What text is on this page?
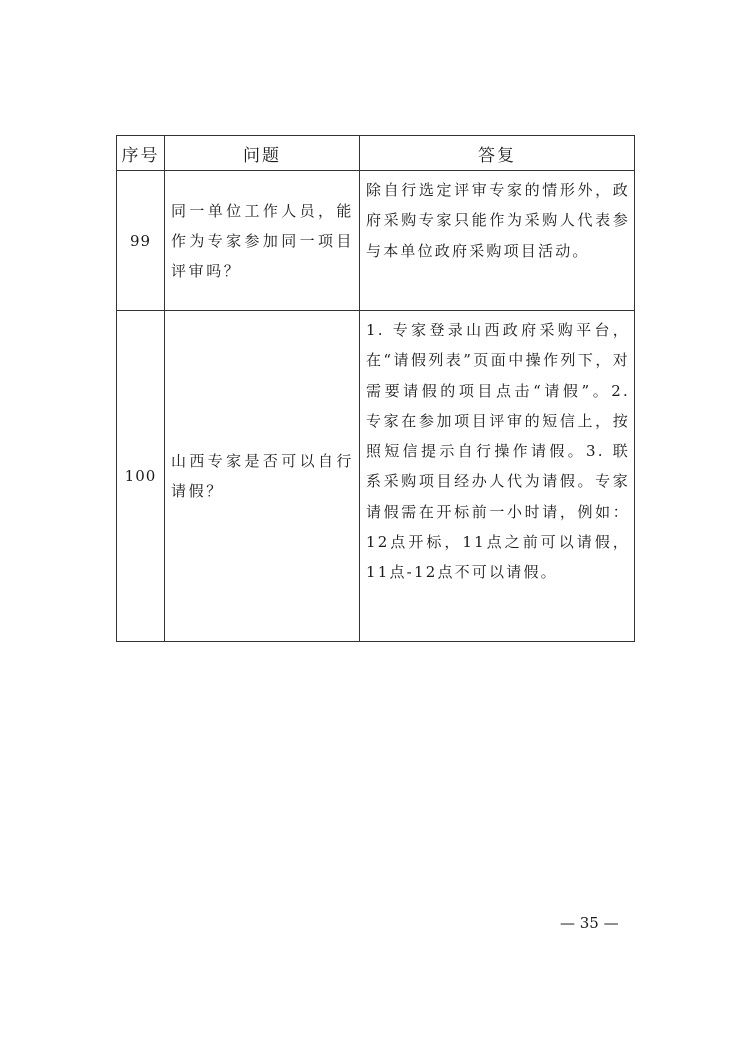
序号	问题	答复
99	同一单位工作人员，能作为专家参加同一项目评审吗？	除自行选定评审专家的情形外，政府采购专家只能作为采购人代表参与本单位政府采购项目活动。
100	山西专家是否可以自行请假？	1. 专家登录山西政府采购平台，在“请假列表”页面中操作列下，对需要请假的项目点击“请假”。2. 专家在参加项目评审的短信上，按照短信提示自行操作请假。3. 联系采购项目经办人代为请假。专家请假需在开标前一小时请，例如：12点开标，11点之前可以请假，11点-12点不可以请假。
— 35 —
